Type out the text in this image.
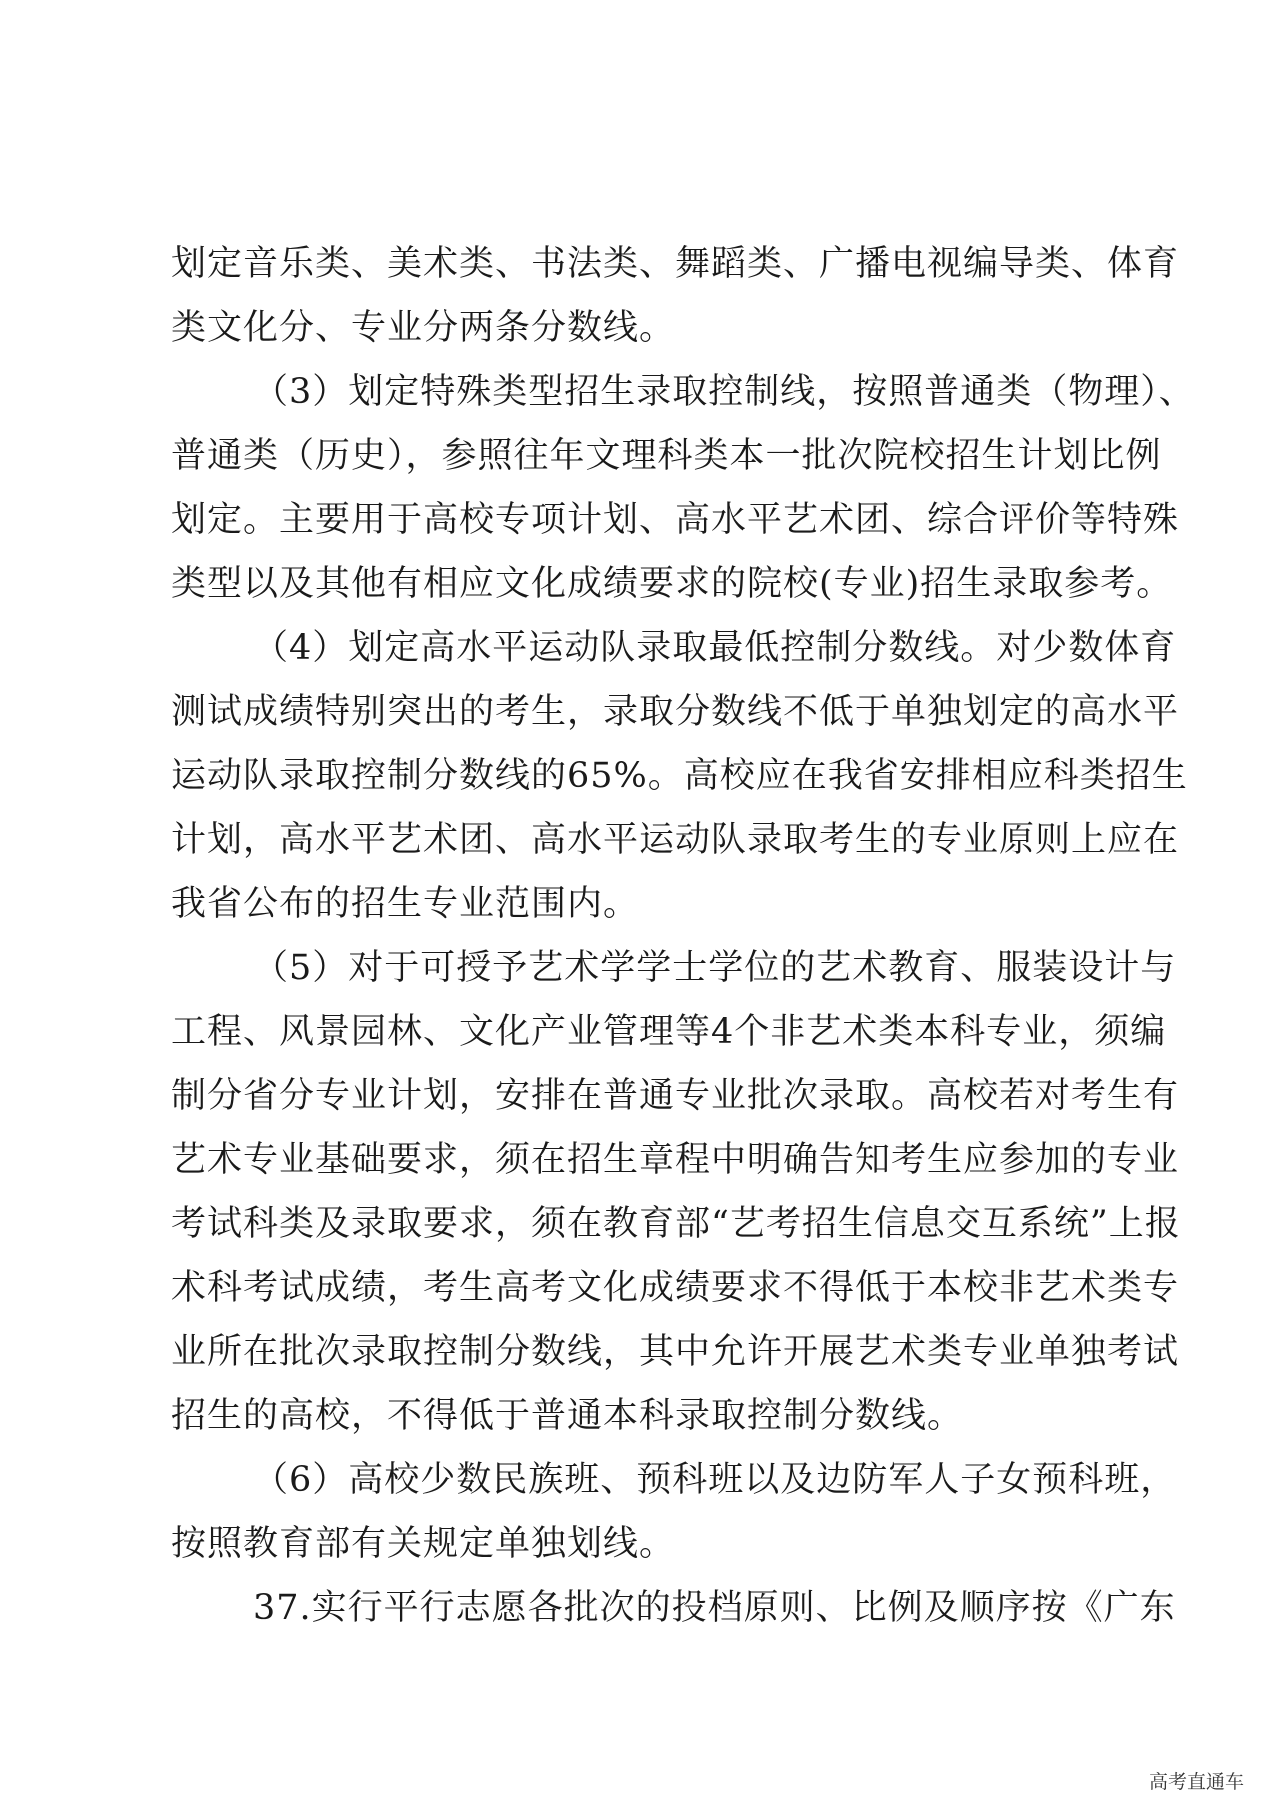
划定音乐类、美术类、书法类、舞蹈类、广播电视编导类、体育
类文化分、专业分两条分数线。
（3）划定特殊类型招生录取控制线，按照普通类（物理）、
普通类（历史），参照往年文理科类本一批次院校招生计划比例
划定。主要用于高校专项计划、高水平艺术团、综合评价等特殊
类型以及其他有相应文化成绩要求的院校(专业)招生录取参考。
（4）划定高水平运动队录取最低控制分数线。对少数体育
测试成绩特别突出的考生，录取分数线不低于单独划定的高水平
运动队录取控制分数线的65%。高校应在我省安排相应科类招生
计划，高水平艺术团、高水平运动队录取考生的专业原则上应在
我省公布的招生专业范围内。
（5）对于可授予艺术学学士学位的艺术教育、服装设计与
工程、风景园林、文化产业管理等4个非艺术类本科专业，须编
制分省分专业计划，安排在普通专业批次录取。高校若对考生有
艺术专业基础要求，须在招生章程中明确告知考生应参加的专业
考试科类及录取要求，须在教育部“艺考招生信息交互系统”上报
术科考试成绩，考生高考文化成绩要求不得低于本校非艺术类专
业所在批次录取控制分数线，其中允许开展艺术类专业单独考试
招生的高校，不得低于普通本科录取控制分数线。
（6）高校少数民族班、预科班以及边防军人子女预科班，
按照教育部有关规定单独划线。
37.实行平行志愿各批次的投档原则、比例及顺序按《广东
高考直通车
